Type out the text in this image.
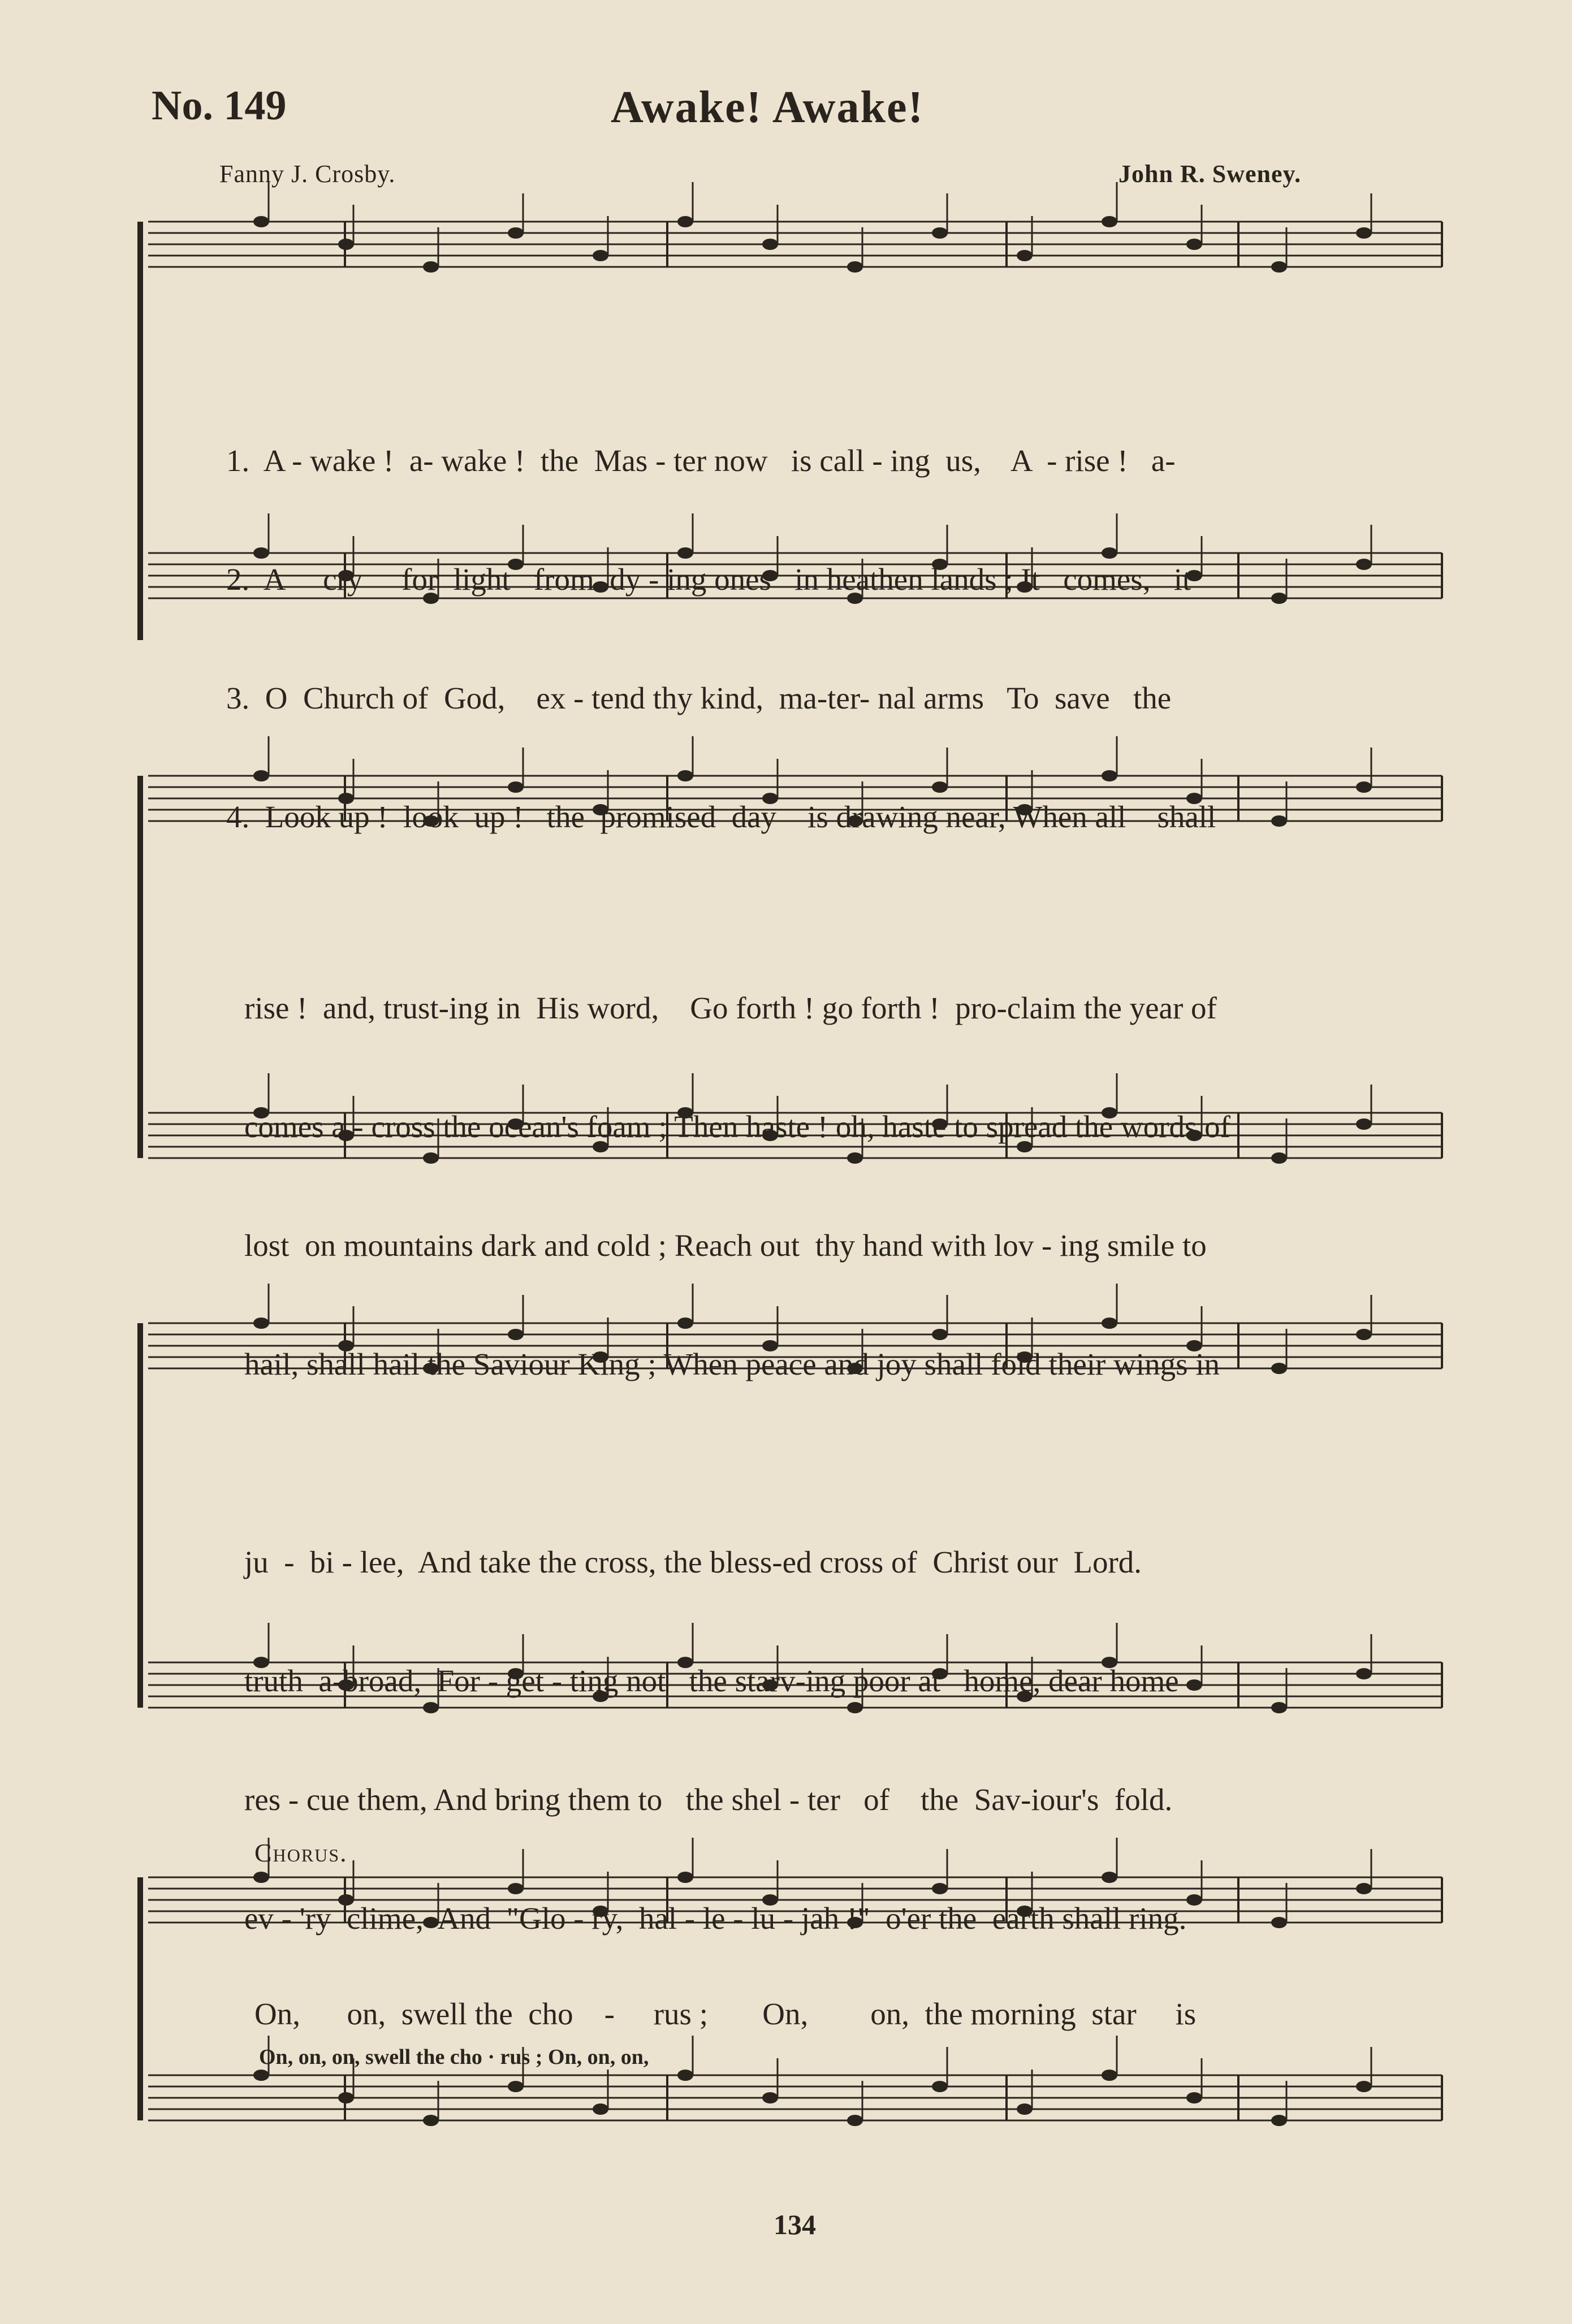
No. 149	Awake! Awake!
Fanny J. Crosby.	John R. Sweney.

1.  A - wake !  a- wake !  the  Mas - ter now   is call - ing  us,    A  - rise !   a-

2.  A     cry     for  light   from  dy - ing ones   in heathen lands ; It   comes,   it

3.  O  Church of  God,    ex - tend thy kind,  ma-ter- nal arms   To  save   the

4.  Look up !  look  up !   the  promised  day    is drawing near, When all    shall

rise !  and, trust-ing in  His word,    Go forth ! go forth !  pro-claim the year of

comes a - cross the ocean's foam ; Then haste ! oh, haste to spread the words of

lost  on mountains dark and cold ; Reach out  thy hand with lov - ing smile to

hail, shall hail the Saviour King ; When peace and joy shall fold their wings in

ju  -  bi - lee,  And take the cross, the bless-ed cross of  Christ our  Lord.

truth  a-broad,  For - get - ting not   the starv-ing poor at   home, dear home

res - cue them, And bring them to   the shel - ter   of    the  Sav-iour's  fold.

ev - 'ry  clime,  And  "Glo - ry,  hal - le - lu - jah !"  o'er the  earth shall ring.

Chorus.
On,      on,  swell the  cho    -     rus ;       On,        on,  the morning  star     is
On, on, on, swell the cho · rus ; On, on, on,
134
